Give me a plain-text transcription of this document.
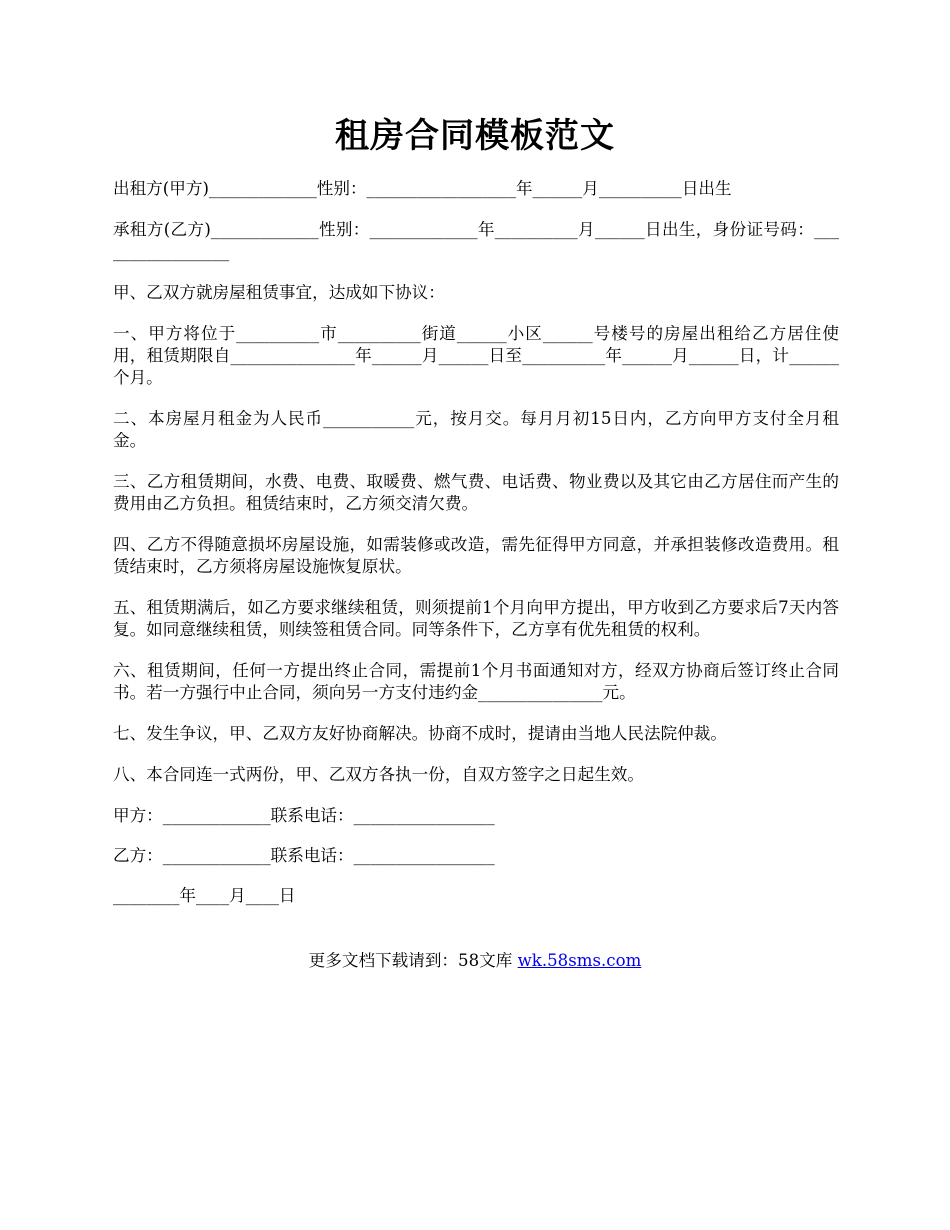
租房合同模板范文

出租方(甲方)_____________性别：__________________年______月__________日出生

承租方(乙方)_____________性别：_____________年__________月______日出生，身份证号码：_________________

甲、乙双方就房屋租赁事宜，达成如下协议：

一、甲方将位于__________市__________街道______小区______号楼号的房屋出租给乙方居住使用，租赁期限自_______________年______月______日至__________年______月______日，计______个月。

二、本房屋月租金为人民币___________元，按月交。每月月初15日内，乙方向甲方支付全月租金。

三、乙方租赁期间，水费、电费、取暖费、燃气费、电话费、物业费以及其它由乙方居住而产生的费用由乙方负担。租赁结束时，乙方须交清欠费。

四、乙方不得随意损坏房屋设施，如需装修或改造，需先征得甲方同意，并承担装修改造费用。租赁结束时，乙方须将房屋设施恢复原状。

五、租赁期满后，如乙方要求继续租赁，则须提前1个月向甲方提出，甲方收到乙方要求后7天内答复。如同意继续租赁，则续签租赁合同。同等条件下，乙方享有优先租赁的权利。

六、租赁期间，任何一方提出终止合同，需提前1个月书面通知对方，经双方协商后签订终止合同书。若一方强行中止合同，须向另一方支付违约金_______________元。

七、发生争议，甲、乙双方友好协商解决。协商不成时，提请由当地人民法院仲裁。

八、本合同连一式两份，甲、乙双方各执一份，自双方签字之日起生效。

甲方：_____________联系电话：_________________

乙方：_____________联系电话：_________________

________年____月____日

更多文档下载请到：58文库 wk.58sms.com
